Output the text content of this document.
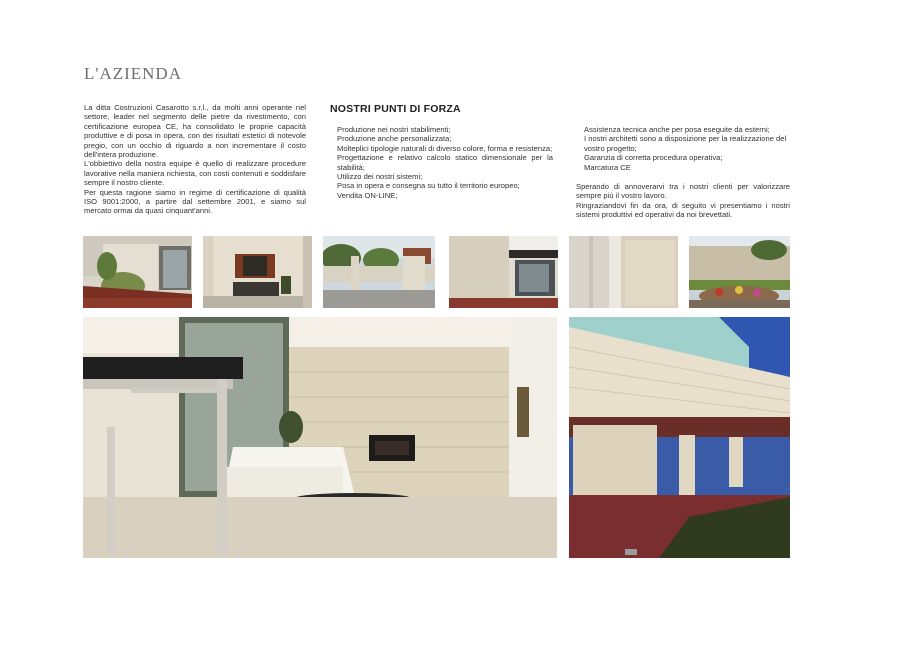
L'AZIENDA

La ditta Costruzioni Casarotto s.r.l., da molti anni operante nel settore, leader nel segmento delle pietre da rivestimento, con certificazione europea CE, ha consolidato le proprie capacità produttive e di posa in opera, con dei risultati estetici di notevole pregio, con un occhio di riguardo a non incrementare il costo dell'intera produzione.

L'obbiettivo della nostra equipe è quello di realizzare procedure lavorative nella maniera richiesta, con costi contenuti e soddisfare sempre il nostro cliente.

Per questa ragione siamo in regime di certificazione di qualità ISO 9001:2000, a partire dal settembre 2001, e siamo sul mercato ormai da quasi cinquant'anni.

NOSTRI PUNTI DI FORZA

Produzione nei nostri stabilimenti;

Produzione anche personalizzata;

Molteplici tipologie naturali di diverso colore, forma e resistenza;

Progettazione e relativo calcolo statico dimensionale per la stabilità;

Utilizzo dei nostri sistemi;

Posa in opera e consegna su tutto il territorio europeo;

Vendita ON-LINE;

Assistenza tecnica anche per posa eseguite da esterni;

I nostri architetti sono a disposizione per la realizzazione del vostro progetto;

Garanzia di corretta procedura operativa;

Marcatura CE

Sperando di annoverarvi tra i nostri clienti per valorizzare sempre più il vostro lavoro.

Ringraziandovi fin da ora, di seguito vi presentiamo i nostri sistemi produttivi ed operativi da noi brevettati.
